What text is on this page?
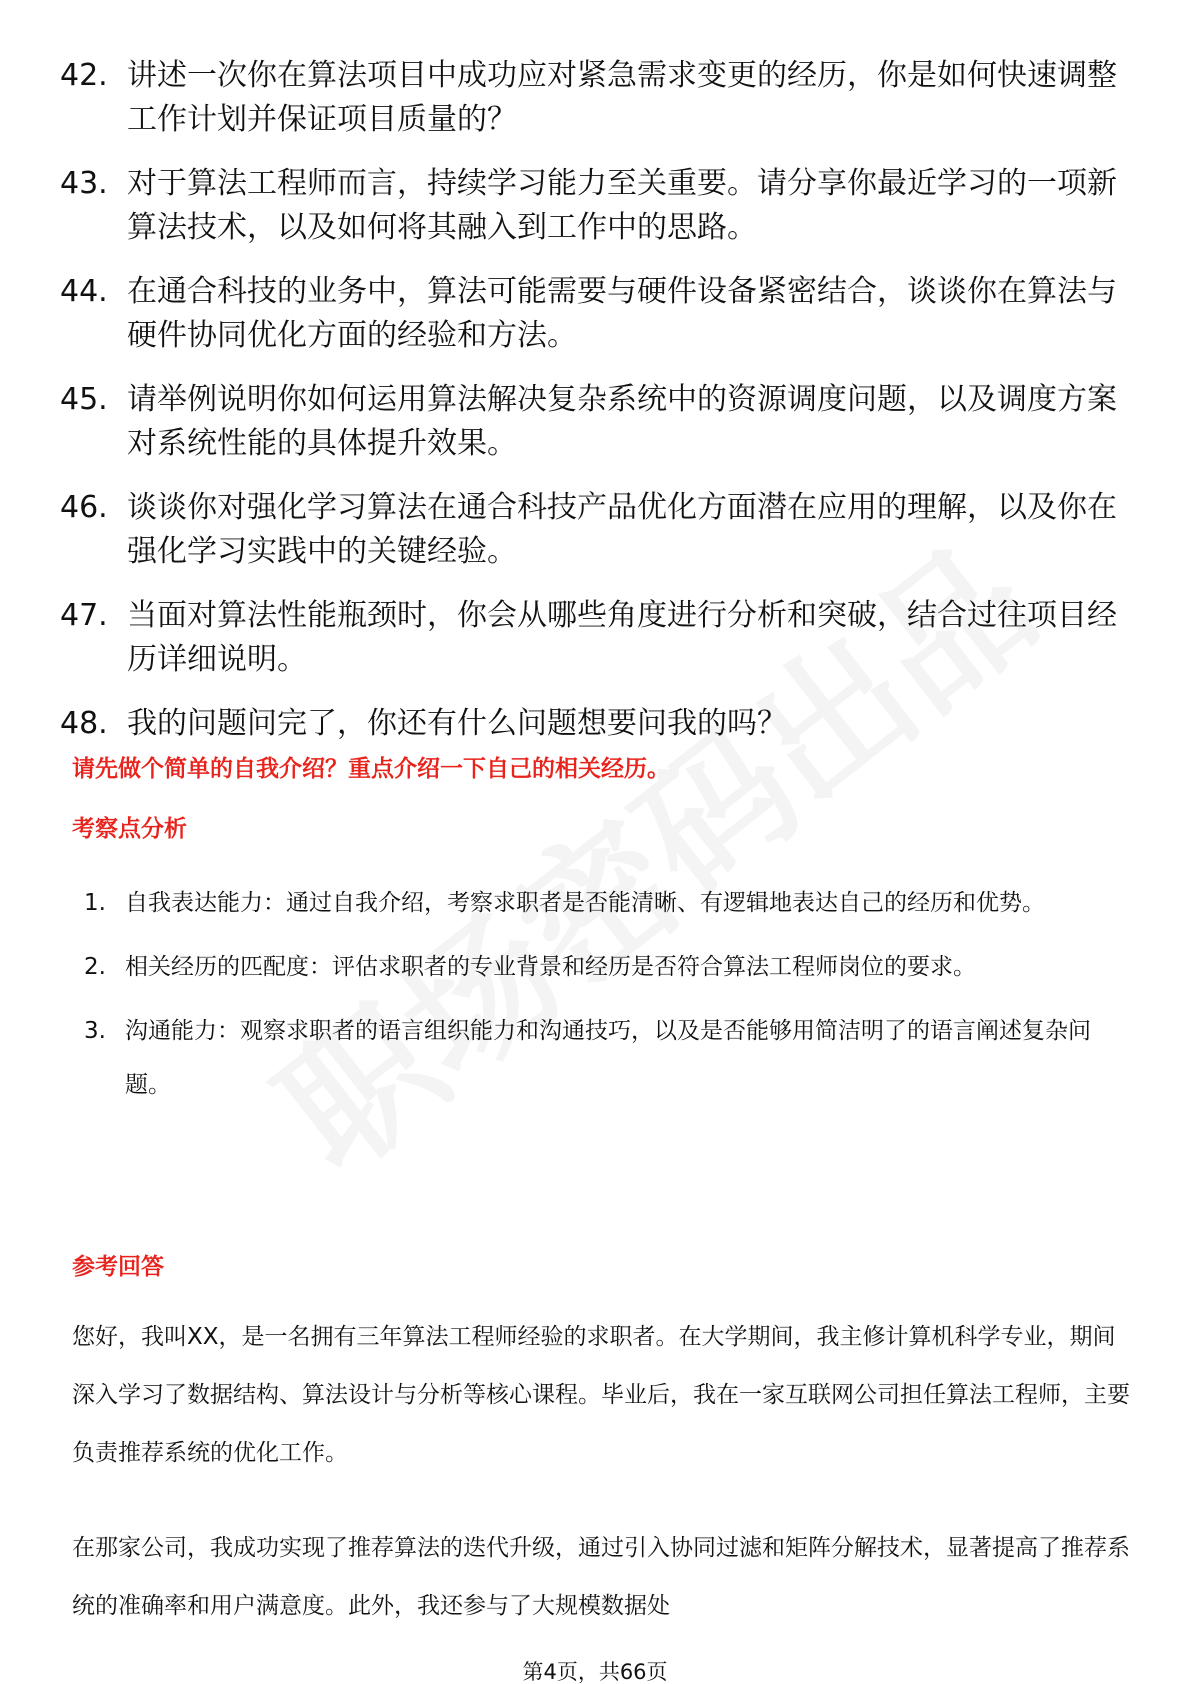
42. 讲述一次你在算法项目中成功应对紧急需求变更的经历，你是如何快速调整工作计划并保证项目质量的？
43. 对于算法工程师而言，持续学习能力至关重要。请分享你最近学习的一项新算法技术，以及如何将其融入到工作中的思路。
44. 在通合科技的业务中，算法可能需要与硬件设备紧密结合，谈谈你在算法与硬件协同优化方面的经验和方法。
45. 请举例说明你如何运用算法解决复杂系统中的资源调度问题，以及调度方案对系统性能的具体提升效果。
46. 谈谈你对强化学习算法在通合科技产品优化方面潜在应用的理解，以及你在强化学习实践中的关键经验。
47. 当面对算法性能瓶颈时，你会从哪些角度进行分析和突破，结合过往项目经历详细说明。
48. 我的问题问完了，你还有什么问题想要问我的吗？
请先做个简单的自我介绍？重点介绍一下自己的相关经历。
考察点分析
1. 自我表达能力：通过自我介绍，考察求职者是否能清晰、有逻辑地表达自己的经历和优势。
2. 相关经历的匹配度：评估求职者的专业背景和经历是否符合算法工程师岗位的要求。
3. 沟通能力：观察求职者的语言组织能力和沟通技巧，以及是否能够用简洁明了的语言阐述复杂问题。
参考回答
您好，我叫XX，是一名拥有三年算法工程师经验的求职者。在大学期间，我主修计算机科学专业，期间深入学习了数据结构、算法设计与分析等核心课程。毕业后，我在一家互联网公司担任算法工程师，主要负责推荐系统的优化工作。
在那家公司，我成功实现了推荐算法的迭代升级，通过引入协同过滤和矩阵分解技术，显著提高了推荐系统的准确率和用户满意度。此外，我还参与了大规模数据处
第4页，共66页
